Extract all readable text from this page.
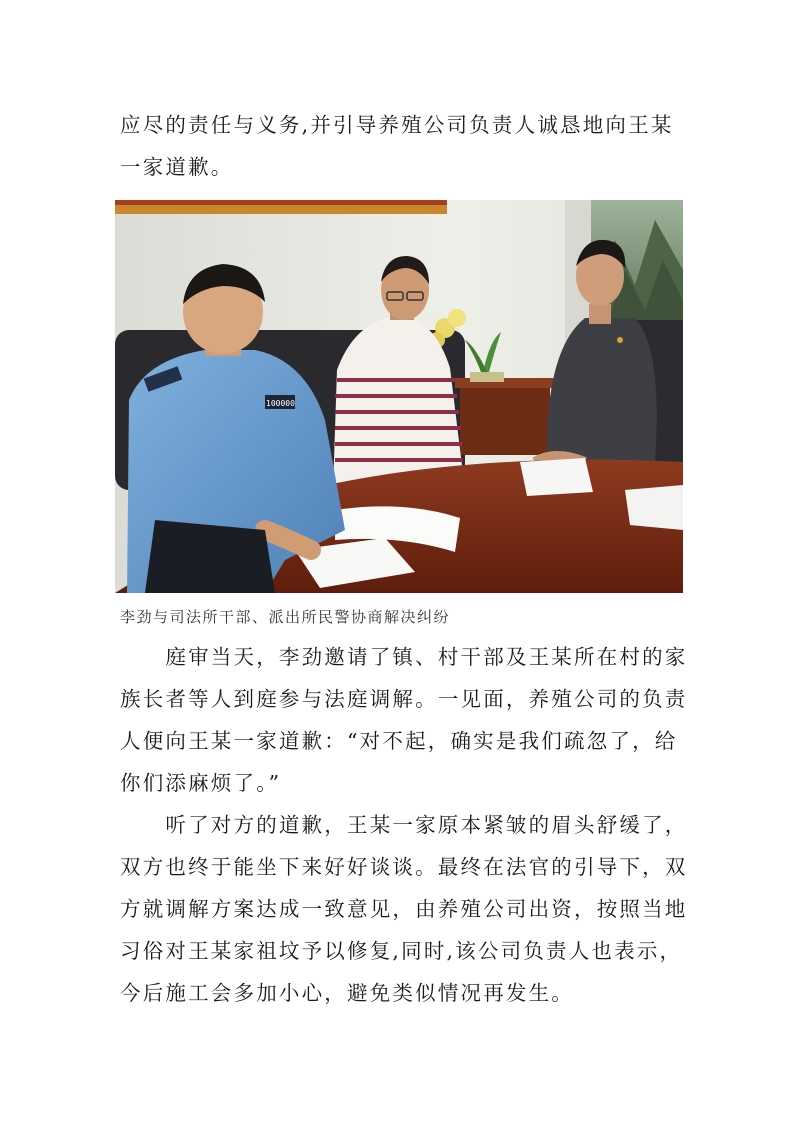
应尽的责任与义务,并引导养殖公司负责人诚恳地向王某
一家道歉。

100000
李劲与司法所干部、派出所民警协商解决纠纷

　　庭审当天，李劲邀请了镇、村干部及王某所在村的家
族长者等人到庭参与法庭调解。一见面，养殖公司的负责
人便向王某一家道歉：“对不起，确实是我们疏忽了，给
你们添麻烦了。”

　　听了对方的道歉，王某一家原本紧皱的眉头舒缓了，
双方也终于能坐下来好好谈谈。最终在法官的引导下，双
方就调解方案达成一致意见，由养殖公司出资，按照当地
习俗对王某家祖坟予以修复,同时,该公司负责人也表示，
今后施工会多加小心，避免类似情况再发生。
